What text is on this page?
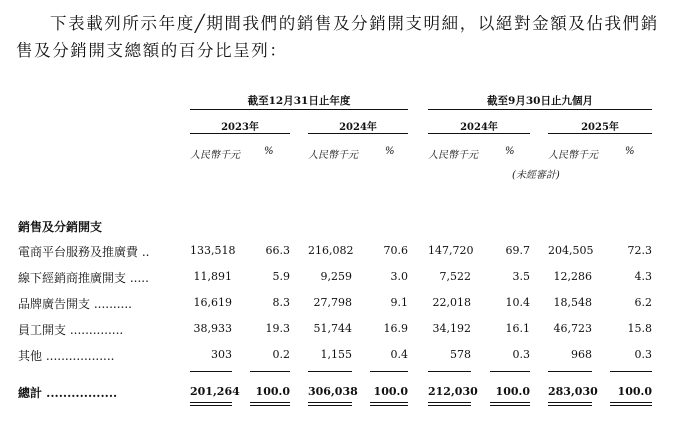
下表載列所示年度╱期間我們的銷售及分銷開支明細，以絕對金額及佔我們銷售及分銷開支總額的百分比呈列：
截至12月31日止年度	截至9月30日止九個月
2023年	2024年	2024年	2025年
人民幣千元 %	人民幣千元	%	人民幣千元	%	人民幣千元	%
(未經審計)
銷售及分銷開支
電商平台服務及推廣費 ..	133,518	66.3 216,082	70.6 147,720	69.7 204,505	72.3
線下經銷商推廣開支 .....	11,891	5.9	9,259	3.0	7,522	3.5	12,286	4.3
品牌廣告開支 ..........	16,619	8.3	27,798	9.1	22,018	10.4	18,548	6.2
員工開支 ..............	38,933	19.3	51,744	16.9	34,192	16.1	46,723	15.8
其他 ..................	303	0.2	1,155	0.4	578	0.3	968	0.3
總計 .................	201,264	100.0 306,038	100.0 212,030	100.0 283,030	100.0
